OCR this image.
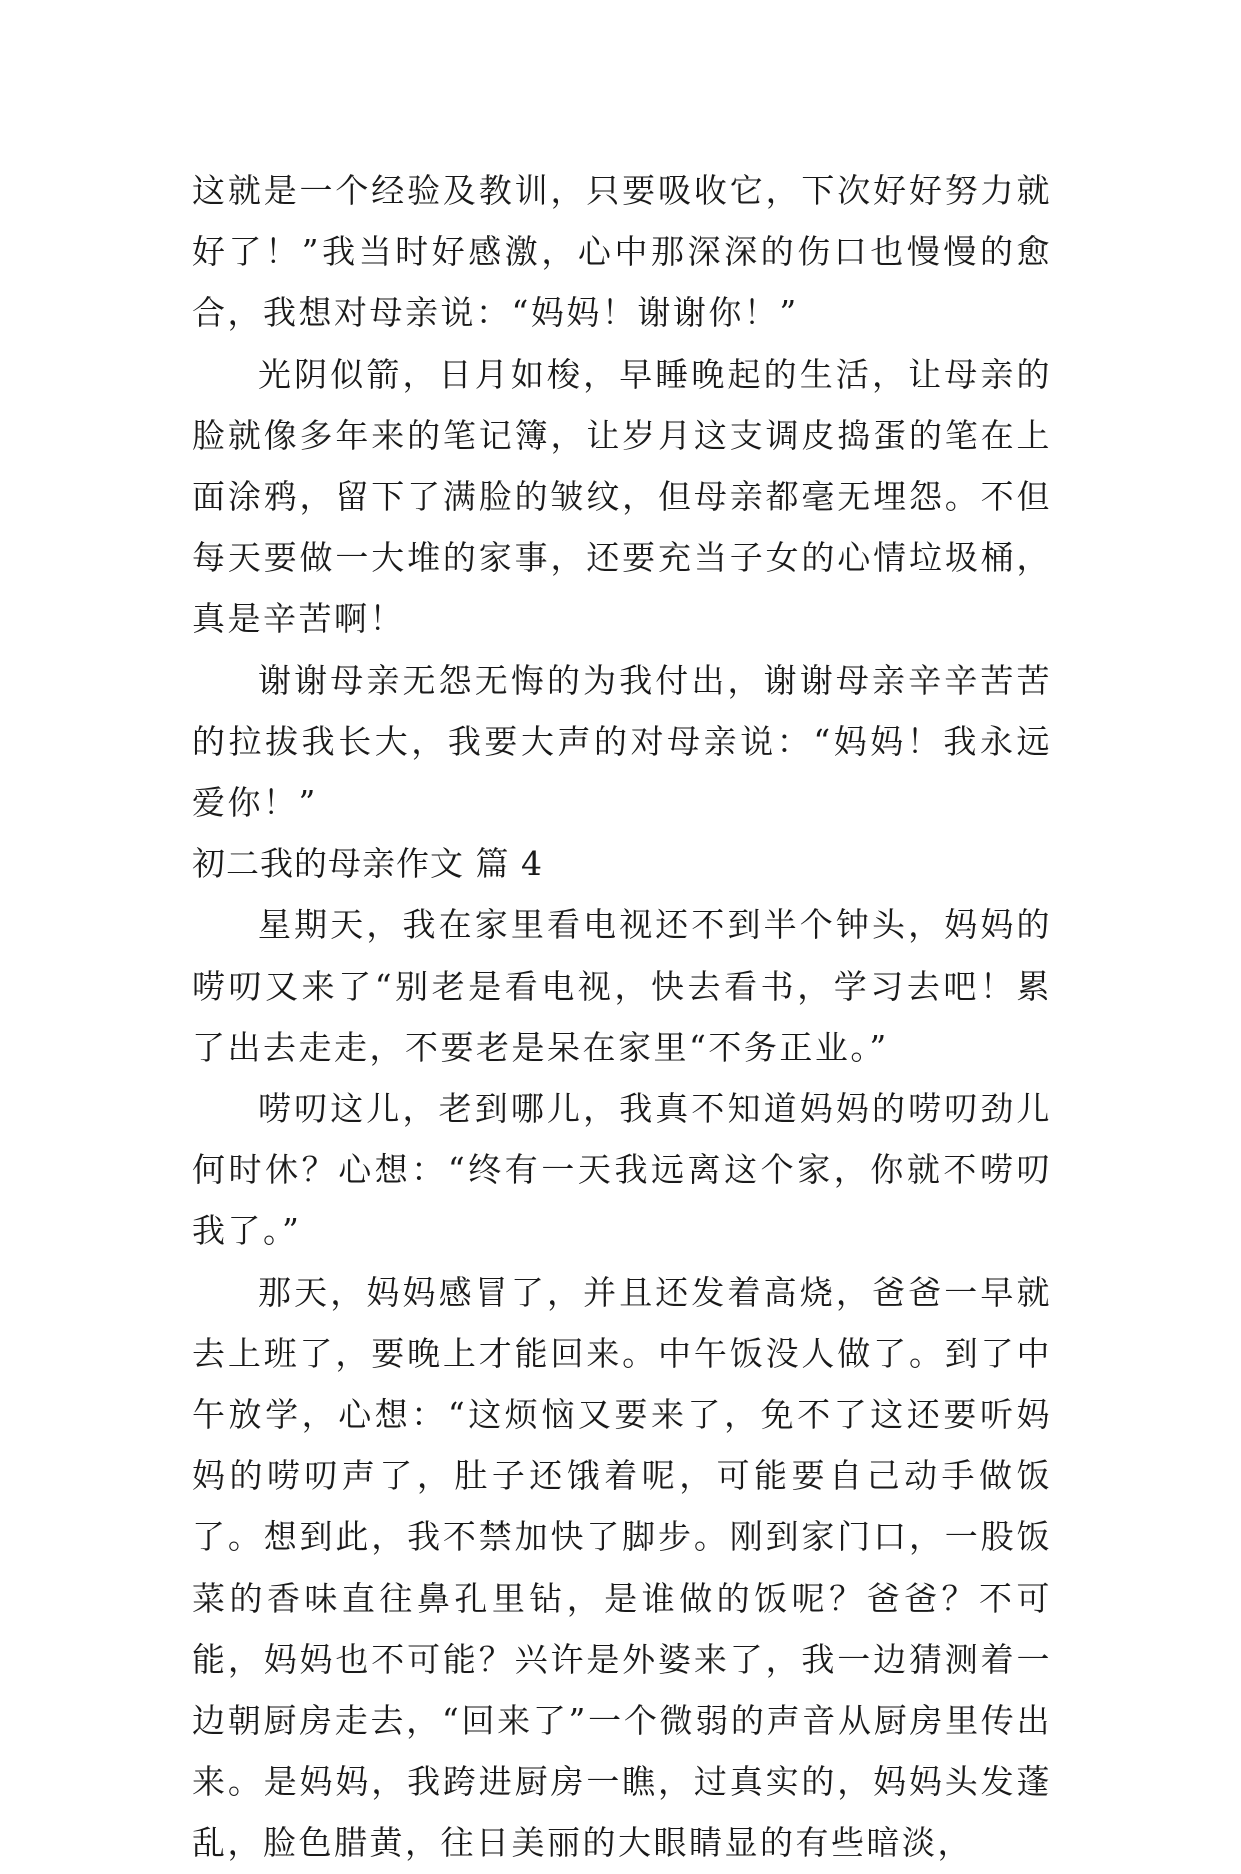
这就是一个经验及教训，只要吸收它，下次好好努力就好了！”我当时好感激，心中那深深的伤口也慢慢的愈合，我想对母亲说：“妈妈！谢谢你！”

光阴似箭，日月如梭，早睡晚起的生活，让母亲的脸就像多年来的笔记簿，让岁月这支调皮捣蛋的笔在上面涂鸦，留下了满脸的皱纹，但母亲都毫无埋怨。不但每天要做一大堆的家事，还要充当子女的心情垃圾桶，真是辛苦啊！

谢谢母亲无怨无悔的为我付出，谢谢母亲辛辛苦苦的拉拔我长大，我要大声的对母亲说：“妈妈！我永远爱你！”

初二我的母亲作文 篇 4

星期天，我在家里看电视还不到半个钟头，妈妈的唠叨又来了“别老是看电视，快去看书，学习去吧！累了出去走走，不要老是呆在家里“不务正业。”

唠叨这儿，老到哪儿，我真不知道妈妈的唠叨劲儿何时休？心想：“终有一天我远离这个家，你就不唠叨我了。”

那天，妈妈感冒了，并且还发着高烧，爸爸一早就去上班了，要晚上才能回来。中午饭没人做了。到了中午放学，心想：“这烦恼又要来了，免不了这还要听妈妈的唠叨声了，肚子还饿着呢，可能要自己动手做饭了。想到此，我不禁加快了脚步。刚到家门口，一股饭菜的香味直往鼻孔里钻，是谁做的饭呢？爸爸？不可能，妈妈也不可能？兴许是外婆来了，我一边猜测着一边朝厨房走去，“回来了”一个微弱的声音从厨房里传出来。是妈妈，我跨进厨房一瞧，过真实的，妈妈头发蓬乱，脸色腊黄，往日美丽的大眼睛显的有些暗淡，
